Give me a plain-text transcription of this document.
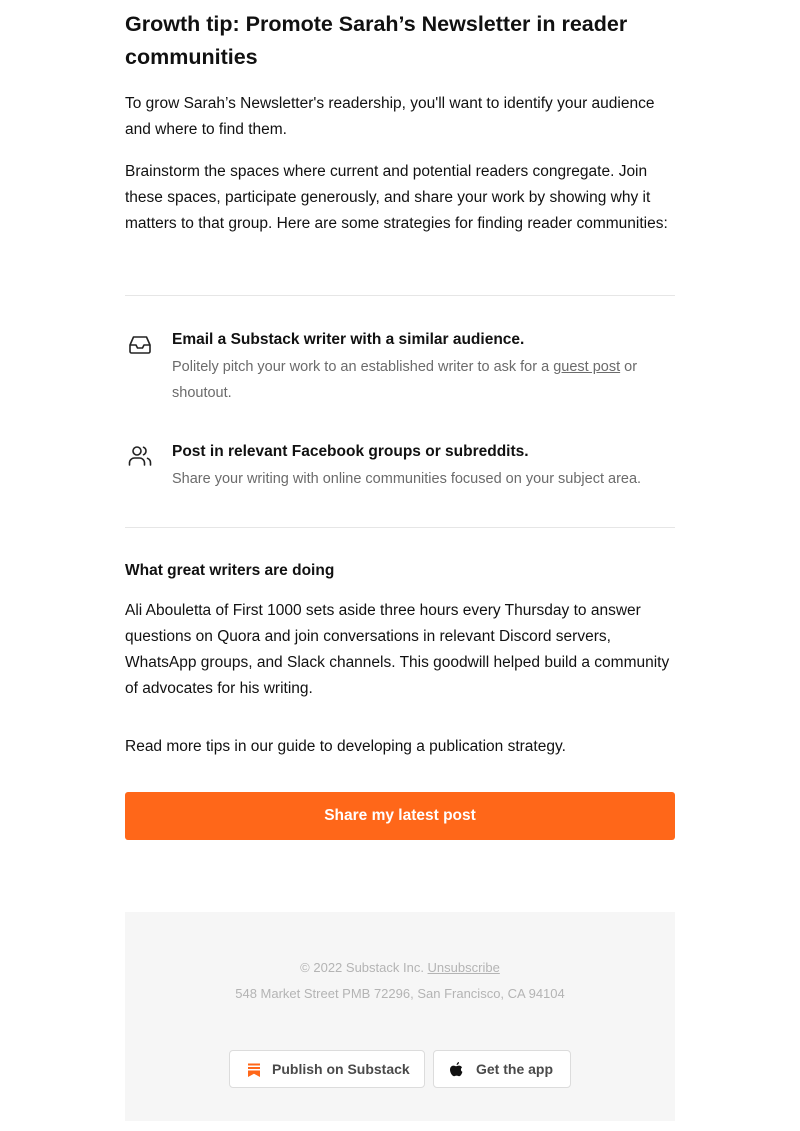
Growth tip: Promote Sarah’s Newsletter in reader communities

To grow Sarah’s Newsletter's readership, you'll want to identify your audience and where to find them.

Brainstorm the spaces where current and potential readers congregate. Join these spaces, participate generously, and share your work by showing why it matters to that group. Here are some strategies for finding reader communities:

Email a Substack writer with a similar audience.

Politely pitch your work to an established writer to ask for a guest post or shoutout.

Post in relevant Facebook groups or subreddits.

Share your writing with online communities focused on your subject area.

What great writers are doing

Ali Abouletta of First 1000 sets aside three hours every Thursday to answer questions on Quora and join conversations in relevant Discord servers, WhatsApp groups, and Slack channels. This goodwill helped build a community of advocates for his writing.

Read more tips in our guide to developing a publication strategy.

Share my latest post
© 2022 Substack Inc. Unsubscribe
548 Market Street PMB 72296, San Francisco, CA 94104
Publish on Substack	Get the app
